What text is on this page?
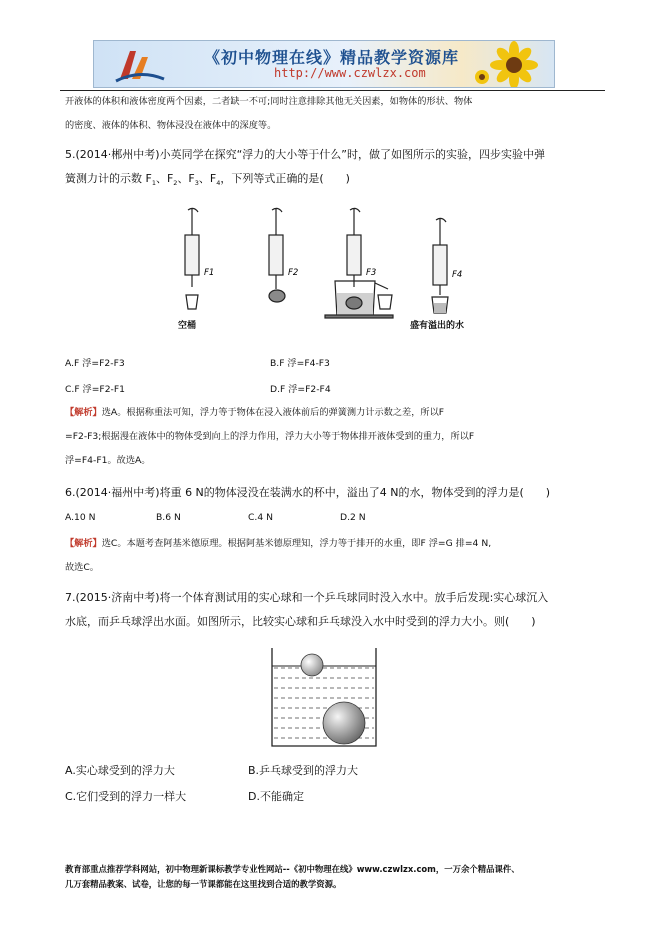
《初中物理在线》精品教学资源库
http://www.czwlzx.com
开液体的体积和液体密度两个因素，二者缺一不可;同时注意排除其他无关因素，如物体的形状、物体
的密度、液体的体积、物体浸没在液体中的深度等。
5.(2014·郴州中考)小英同学在探究“浮力的大小等于什么”时，做了如图所示的实验，四步实验中弹
簧测力计的示数 $F_1$、$F_2$、$F_3$、$F_4$，下列等式正确的是(　　)
F1	F2	F3	F4
空桶	盛有溢出的水
A.F 浮=F2-F3	B.F 浮=F4-F3
C.F 浮=F2-F1	D.F 浮=F2-F4
【解析】选A。根据称重法可知，浮力等于物体在浸入液体前后的弹簧测力计示数之差，所以F
=F2-F3;根据漫在液体中的物体受到向上的浮力作用，浮力大小等于物体排开液体受到的重力，所以F
浮=F4-F1。故选A。
6.(2014·福州中考)将重 6 N的物体浸没在装满水的杯中，溢出了4 N的水，物体受到的浮力是(　　)
A.10 N	B.6 N	C.4 N	D.2 N
【解析】选C。本题考查阿基米德原理。根据阿基米德原理知，浮力等于排开的水重，即F 浮=G 排=4 N,
故选C。
7.(2015·济南中考)将一个体育测试用的实心球和一个乒乓球同时没入水中。放手后发现:实心球沉入
水底，而乒乓球浮出水面。如图所示，比较实心球和乒乓球没入水中时受到的浮力大小。则(　　)
A.实心球受到的浮力大	B.乒乓球受到的浮力大
C.它们受到的浮力一样大	D.不能确定
教育部重点推荐学科网站，初中物理新课标教学专业性网站--《初中物理在线》www.czwlzx.com，一万余个精品课件、
几万套精品教案、试卷，让您的每一节课都能在这里找到合适的教学资源。
